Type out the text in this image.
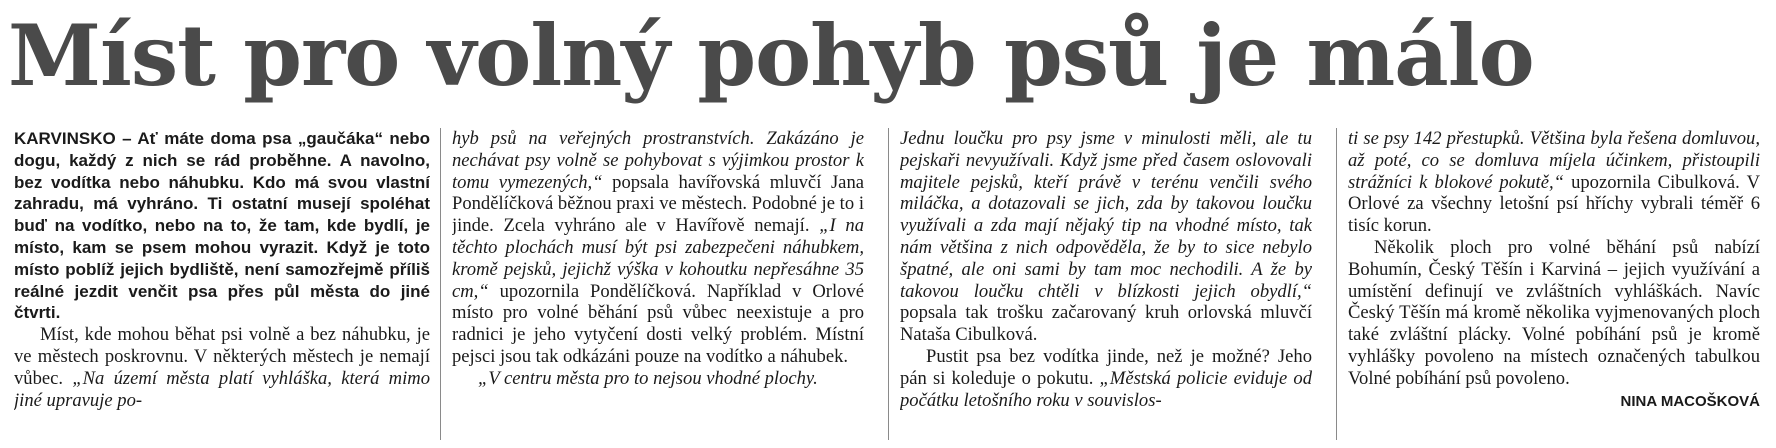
Míst pro volný pohyb psů je málo

KARVINSKO – Ať máte doma psa „gaučáka“ nebo dogu, každý z nich se rád proběhne. A navolno, bez vodítka nebo náhubku. Kdo má svou vlastní zahradu, má vyhráno. Ti ostatní musejí spoléhat buď na vodítko, nebo na to, že tam, kde bydlí, je místo, kam se psem mohou vyrazit. Když je toto místo poblíž jejich bydliště, není samozřejmě příliš reálné jezdit venčit psa přes půl města do jiné čtvrti.

Míst, kde mohou běhat psi volně a bez náhubku, je ve městech poskrovnu. V některých městech je nemají vůbec. „Na území města platí vyhláška, která mimo jiné upravuje po-

hyb psů na veřejných prostranstvích. Zakázáno je nechávat psy volně se pohybovat s výjimkou prostor k tomu vymezených,“ popsala havířovská mluvčí Jana Pondělíčková běžnou praxi ve městech. Podobné je to i jinde. Zcela vyhráno ale v Havířově nemají. „I na těchto plochách musí být psi zabezpečeni náhubkem, kromě pejsků, jejichž výška v kohoutku nepřesáhne 35 cm,“ upozornila Pondělíčková. Například v Orlové místo pro volné běhání psů vůbec neexistuje a pro radnici je jeho vytyčení dosti velký problém. Místní pejsci jsou tak odkázáni pouze na vodítko a náhubek.

„V centru města pro to nejsou vhodné plochy.

Jednu loučku pro psy jsme v minulosti měli, ale tu pejskaři nevyužívali. Když jsme před časem oslovovali majitele pejsků, kteří právě v terénu venčili svého miláčka, a dotazovali se jich, zda by takovou loučku využívali a zda mají nějaký tip na vhodné místo, tak nám většina z nich odpověděla, že by to sice nebylo špatné, ale oni sami by tam moc nechodili. A že by takovou loučku chtěli v blízkosti jejich obydlí,“ popsala tak trošku začarovaný kruh orlovská mluvčí Nataša Cibulková.

Pustit psa bez vodítka jinde, než je možné? Jeho pán si koleduje o pokutu. „Městská policie eviduje od počátku letošního roku v souvislos-

ti se psy 142 přestupků. Většina byla řešena domluvou, až poté, co se domluva míjela účinkem, přistoupili strážníci k blokové pokutě,“ upozornila Cibulková. V Orlové za všechny letošní psí hříchy vybrali téměř 6 tisíc korun.

Několik ploch pro volné běhání psů nabízí Bohumín, Český Těšín i Karviná – jejich využívání a umístění definují ve zvláštních vyhláškách. Navíc Český Těšín má kromě několika vyjmenovaných ploch také zvláštní plácky. Volné pobíhání psů je kromě vyhlášky povoleno na místech označených tabulkou Volné pobíhání psů povoleno.

NINA MACOŠKOVÁ
